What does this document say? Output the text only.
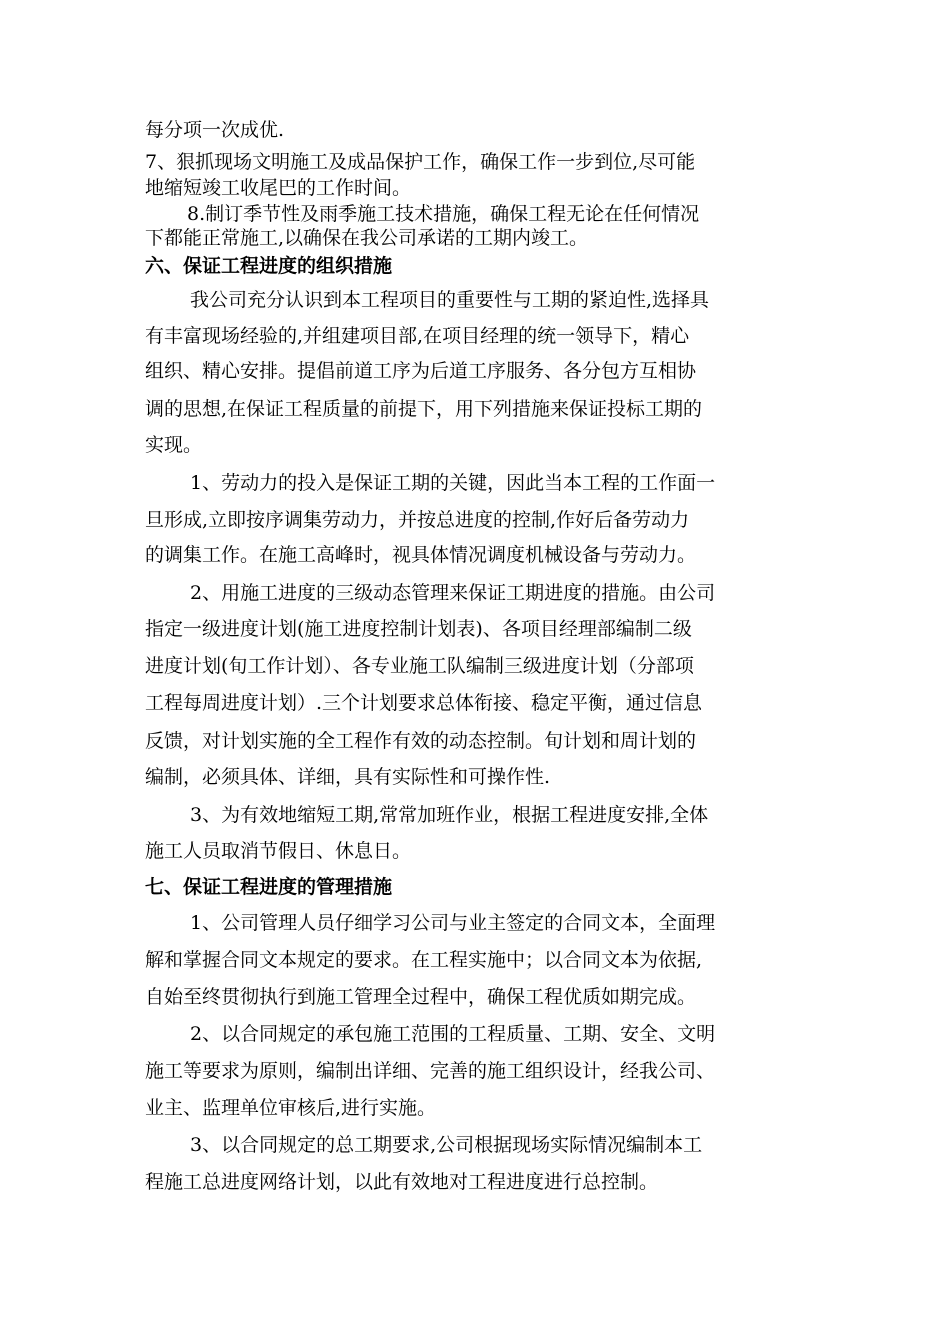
每分项一次成优.

7、狠抓现场文明施工及成品保护工作，确保工作一步到位,尽可能

地缩短竣工收尾巴的工作时间。

8.制订季节性及雨季施工技术措施，确保工程无论在任何情况

下都能正常施工,以确保在我公司承诺的工期内竣工。

六、保证工程进度的组织措施

我公司充分认识到本工程项目的重要性与工期的紧迫性,选择具

有丰富现场经验的,并组建项目部,在项目经理的统一领导下，精心

组织、精心安排。提倡前道工序为后道工序服务、各分包方互相协

调的思想,在保证工程质量的前提下，用下列措施来保证投标工期的

实现。

1、劳动力的投入是保证工期的关键，因此当本工程的工作面一

旦形成,立即按序调集劳动力，并按总进度的控制,作好后备劳动力

的调集工作。在施工高峰时，视具体情况调度机械设备与劳动力。

2、用施工进度的三级动态管理来保证工期进度的措施。由公司

指定一级进度计划(施工进度控制计划表)、各项目经理部编制二级

进度计划(旬工作计划）、各专业施工队编制三级进度计划（分部项

工程每周进度计划）.三个计划要求总体衔接、稳定平衡，通过信息

反馈，对计划实施的全工程作有效的动态控制。旬计划和周计划的

编制，必须具体、详细，具有实际性和可操作性.

3、为有效地缩短工期,常常加班作业，根据工程进度安排,全体

施工人员取消节假日、休息日。

七、保证工程进度的管理措施

1、公司管理人员仔细学习公司与业主签定的合同文本，全面理

解和掌握合同文本规定的要求。在工程实施中；以合同文本为依据,

自始至终贯彻执行到施工管理全过程中，确保工程优质如期完成。

2、以合同规定的承包施工范围的工程质量、工期、安全、文明

施工等要求为原则，编制出详细、完善的施工组织设计，经我公司、

业主、监理单位审核后,进行实施。

3、以合同规定的总工期要求,公司根据现场实际情况编制本工

程施工总进度网络计划，以此有效地对工程进度进行总控制。
